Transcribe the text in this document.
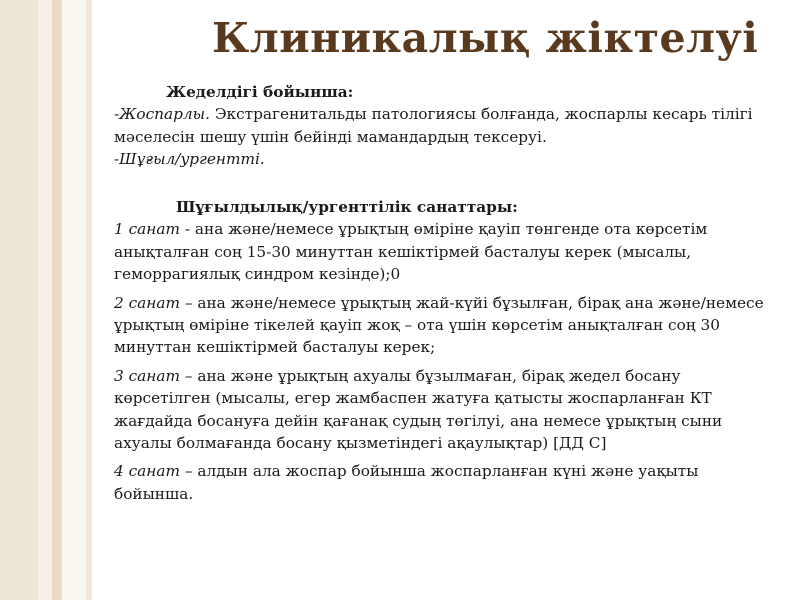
Клиникалық жіктелуі
Жеделдігі бойынша:
-Жоспарлы. Экстрагенитальды патологиясы болғанда, жоспарлы кесарь тілігі мәселесін шешу үшін бейінді мамандардың тексеруі.
-Шұғыл/ургентті.
Шұғылдылық/ургенттілік санаттары:
1 санат - ана және/немесе ұрықтың өміріне қауіп төнгенде ота көрсетім анықталған соң 15-30 минуттан кешіктірмей басталуы керек (мысалы, геморрагиялық синдром кезінде);0
2 санат – ана және/немесе ұрықтың жай-күйі бұзылған, бірақ ана және/немесе ұрықтың өміріне тікелей қауіп жоқ – ота үшін көрсетім анықталған соң 30 минуттан кешіктірмей басталуы керек;
3 санат – ана және ұрықтың ахуалы бұзылмаған, бірақ жедел босану көрсетілген (мысалы, егер жамбаспен жатуға қатысты жоспарланған КТ жағдайда босануға дейін қағанақ судың төгілуі, ана немесе ұрықтың сыни ахуалы болмағанда босану қызметіндегі ақаулықтар) [ДД С]
4 санат – алдын ала жоспар бойынша жоспарланған күні және уақыты бойынша.
